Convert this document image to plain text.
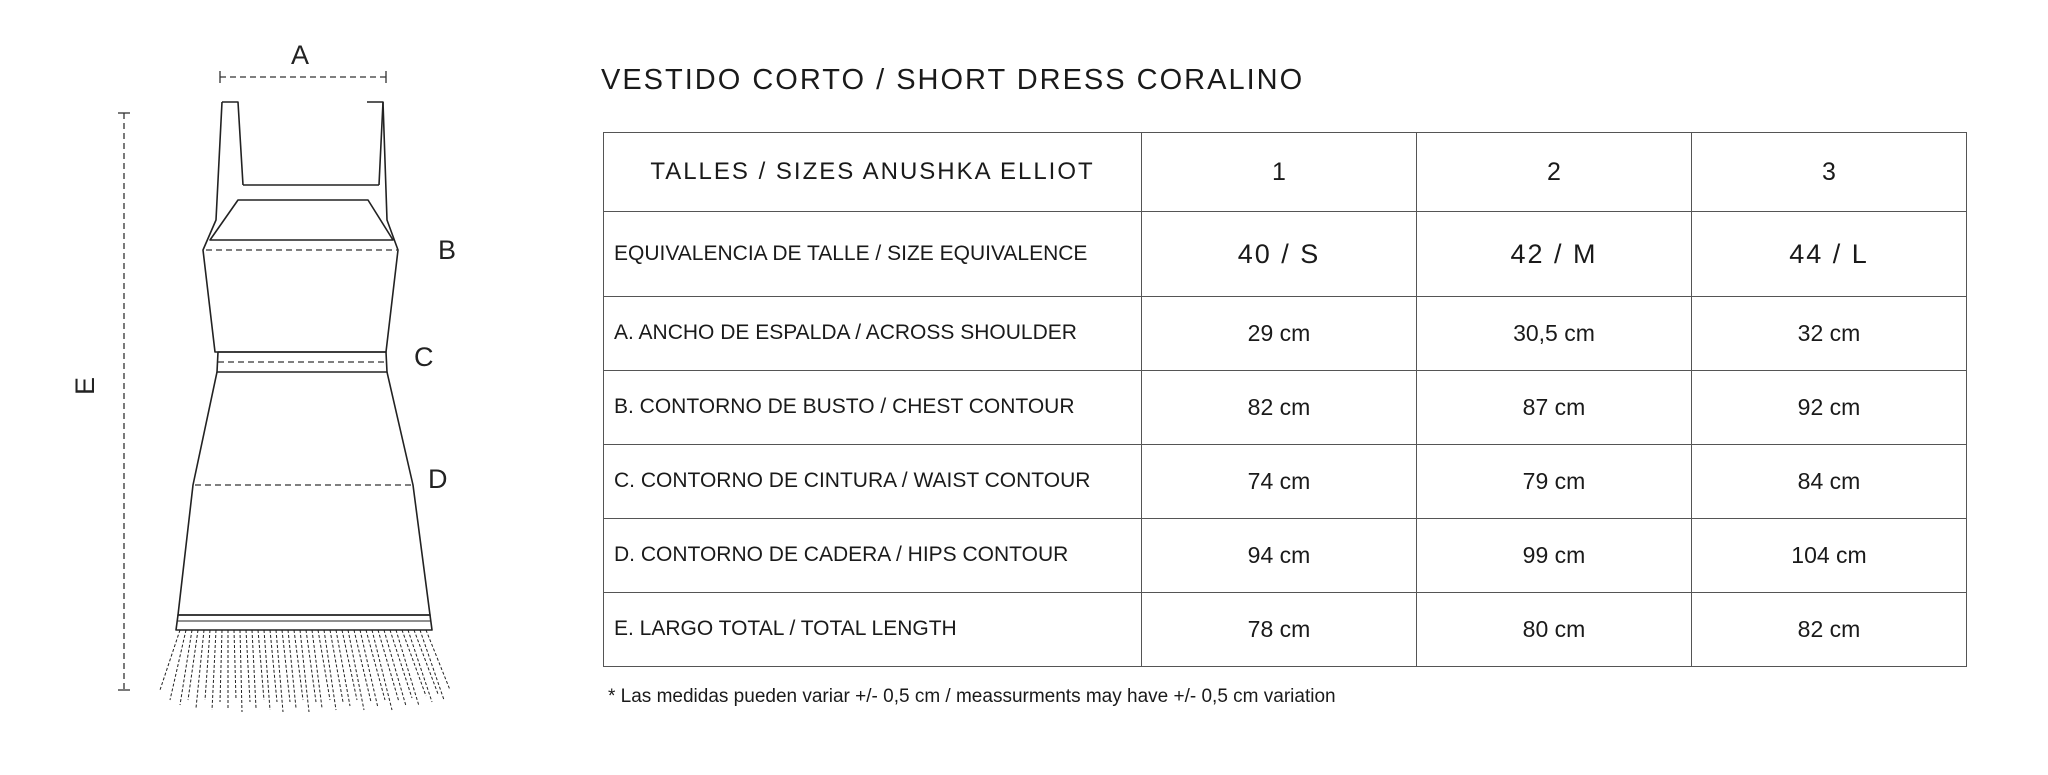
A
B
C
D
E
VESTIDO CORTO / SHORT DRESS CORALINO
TALLES / SIZES ANUSHKA ELLIOT	1	2	3
EQUIVALENCIA DE TALLE / SIZE EQUIVALENCE	40 / S	42 / M	44 / L
A. ANCHO DE ESPALDA / ACROSS SHOULDER	29 cm	30,5 cm	32 cm
B. CONTORNO DE BUSTO / CHEST CONTOUR	82 cm	87 cm	92 cm
C. CONTORNO DE CINTURA / WAIST CONTOUR	74 cm	79 cm	84 cm
D. CONTORNO DE CADERA / HIPS CONTOUR	94 cm	99 cm	104 cm
E. LARGO TOTAL / TOTAL LENGTH	78 cm	80 cm	82 cm
* Las medidas pueden variar +/- 0,5 cm / meassurments may have +/- 0,5 cm variation
